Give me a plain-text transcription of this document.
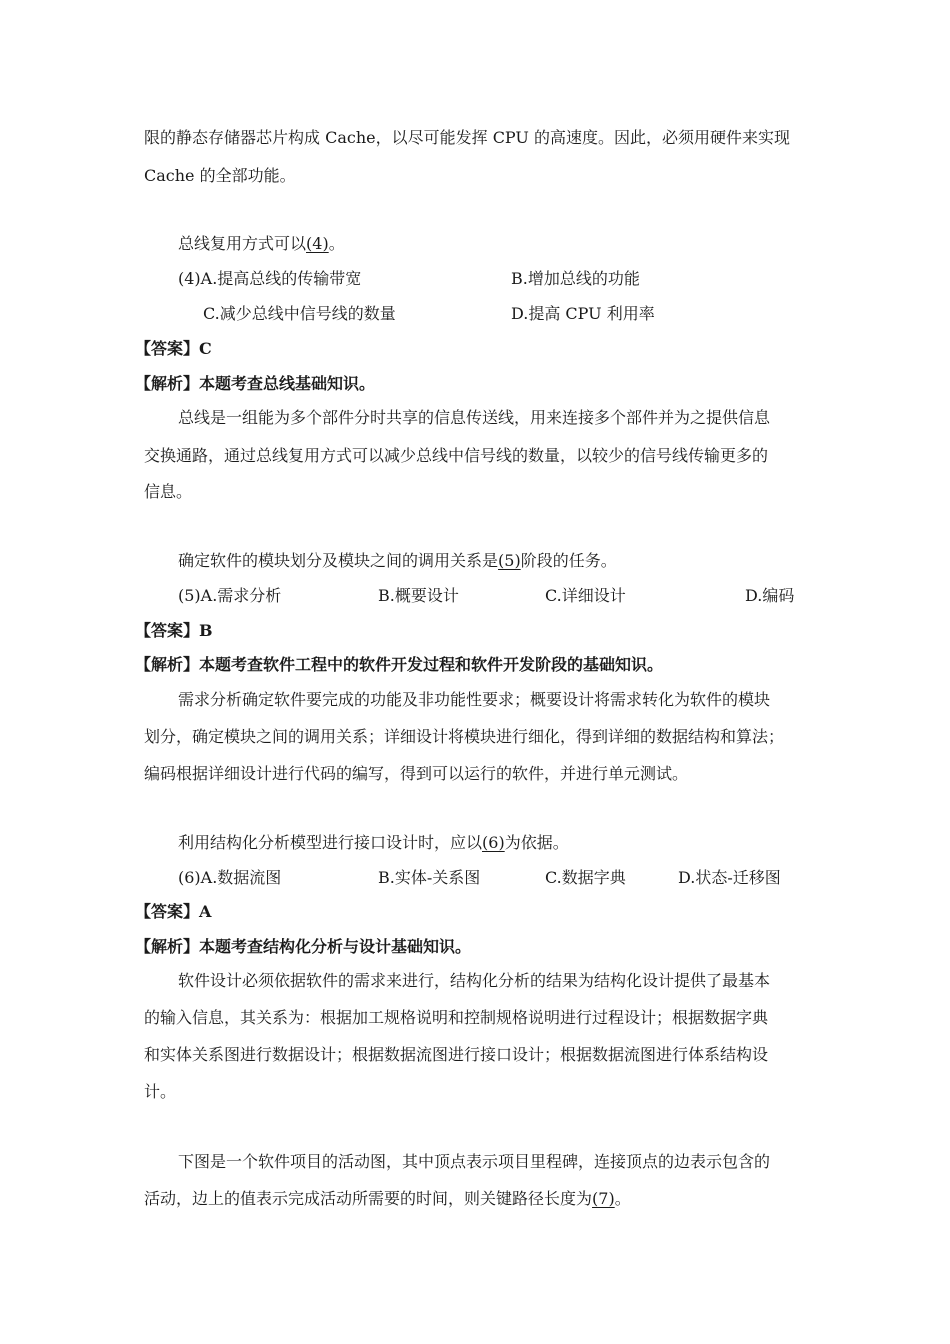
限的静态存储器芯片构成 Cache，以尽可能发挥 CPU 的高速度。因此，必须用硬件来实现
Cache 的全部功能。
总线复用方式可以(4)。
(4)A.提高总线的传输带宽	B.增加总线的功能
C.减少总线中信号线的数量	D.提高 CPU 利用率
【答案】C
【解析】本题考查总线基础知识。
总线是一组能为多个部件分时共享的信息传送线，用来连接多个部件并为之提供信息
交换通路，通过总线复用方式可以减少总线中信号线的数量，以较少的信号线传输更多的
信息。
确定软件的模块划分及模块之间的调用关系是(5)阶段的任务。
(5)A.需求分析	B.概要设计	C.详细设计	D.编码
【答案】B
【解析】本题考查软件工程中的软件开发过程和软件开发阶段的基础知识。
需求分析确定软件要完成的功能及非功能性要求；概要设计将需求转化为软件的模块
划分，确定模块之间的调用关系；详细设计将模块进行细化，得到详细的数据结构和算法；
编码根据详细设计进行代码的编写，得到可以运行的软件，并进行单元测试。
利用结构化分析模型进行接口设计时，应以(6)为依据。
(6)A.数据流图	B.实体-关系图	C.数据字典	D.状态-迁移图
【答案】A
【解析】本题考查结构化分析与设计基础知识。
软件设计必须依据软件的需求来进行，结构化分析的结果为结构化设计提供了最基本
的输入信息，其关系为：根据加工规格说明和控制规格说明进行过程设计；根据数据字典
和实体关系图进行数据设计；根据数据流图进行接口设计；根据数据流图进行体系结构设
计。
下图是一个软件项目的活动图，其中顶点表示项目里程碑，连接顶点的边表示包含的
活动，边上的值表示完成活动所需要的时间，则关键路径长度为(7)。
